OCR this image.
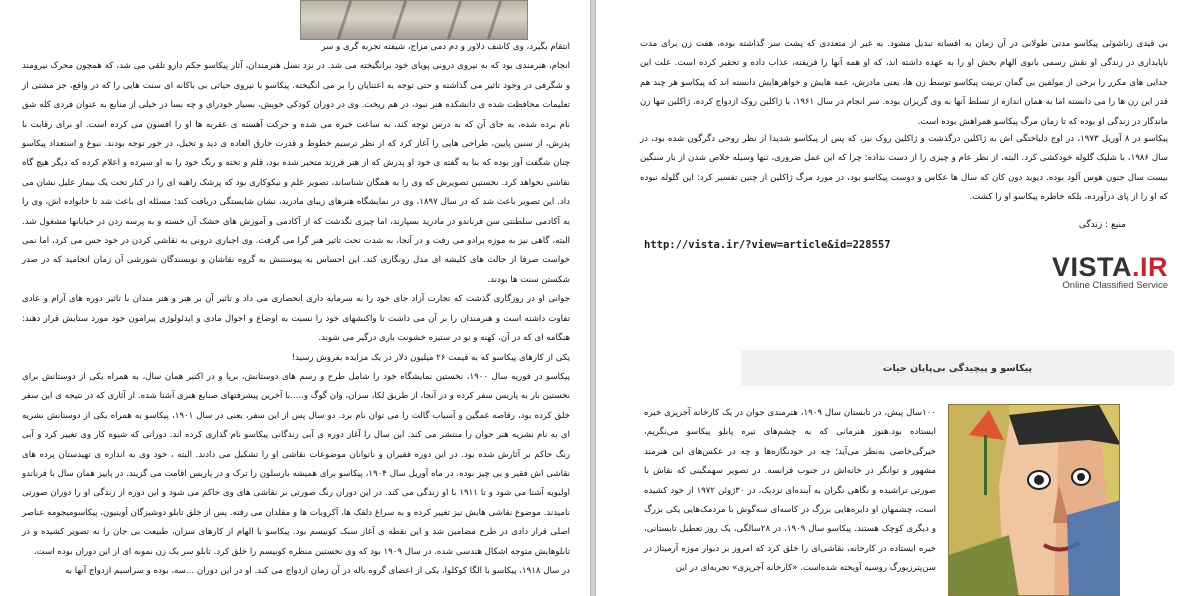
انتقام بگیرد، وی کاشف دلاور و دم دمی مزاج، شیفته تجربه گری و سر

انجام، هنرمندی بود که به نیروی درونی پویای خود برانگیخته می شد. در نزد نسل هنرمندان، آثار پیکاسو حکم دارو تلقی می شد، که همچون محرک نیرومند و شگرفی در وجود تاثیر می گذاشته و حتی توجه به اعتنایان را بر می انگیخته. پیکاسو با نیروی حیاتی بی باکانه ای سنت هایی را که در واقع، جز مشتی از تعلیمات محافظت شده ی دانشکده هنر نبود، در هم ریخت. وی در دوران کودکی خویش، بسیار خودرای و چه بسا در خیلی از منابع به عنوان فردی کله شق نام برده شده، به جای آن که به درس توجه کند، به ساعت خیره می شده و حرکت آهسته ی عقربه ها او را افسون می کرده است. او برای رقابت با پدرش، از سنین پایین، طراحی هایی را آغاز کرد که از نظر ترسیم خطوط و قدرت خارق العاده ی دید و تخیل، در خور توجه بودند. نبوغ و استعداد پیکاسو چنان شگفت آور بوده که بنا به گفته ی خود او پدرش که از هنر فرزند متحیر شده بود، قلم و تخته و رنگ خود را به او سپرده و اعلام کرده که دیگر هیچ گاه نقاشی نخواهد کرد. نخستین تصویرش که وی را به همگان شناساند، تصویر علم و نیکوکاری بود که پزشک راهبه ای را در کنار تخت یک بیمار علیل نشان می داد. این تصویر باعث شد که در سال ۱۸۹۷، وی در نمایشگاه هنرهای زیبای مادرید، نشان شایستگی دریافت کند: مسئله ای باعث شد تا خانواده اش، وی را به آکادمی سلطنتی سن فرناندو در مادرید بسپارند، اما چیزی نگذشت که از آکادمی و آموزش های خشک آن خسته و به پرسه زدن در خیابانها مشغول شد. البته، گاهی نیز به موزه پرادو می رفت و در آنجا، به شدت تحت تاثیر هنر گرا می گرفت. وی اجباری درونی به نقاشی کردن در خود حس می کرد، اما نمی خواست صرفا از حالت های کلیشه ای مدل رونگاری کند. این احساس به پیوستنش به گروه نقاشان و نویسندگان شورشی آن زمان انجامید که در صدر شکستن سنت ها بودند.

جوانی او در روزگاری گذشت که تجارت آزاد جای خود را به سرمایه داری انحصاری می داد و تاثیر آن بر هنر و هنر مندان با تاثیر دوره های آرام و عادی تفاوت داشته است و هنرمندان را بر آن می داشت تا واکنشهای خود را نسبت به اوضاع و احوال مادی و ایدئولوژی پیرامون خود مورد ستایش قرار دهند: هنگامه ای که در آن، کهنه و نو در ستیزه خشونت باری درگیر می شوند.

یکی از کارهای پیکاسو که به قیمت ۲۶ میلیون دلار در یک مزایده بفروش رسید!

پیکاسو در فوریه سال ۱۹۰۰، نخستین نمایشگاه خود را شامل طرح و رسم های دوستانش، برپا و در اکتبر همان سال، به همراه یکی از دوستانش برای نخستین بار به پاریس سفر کرده و در آنجا، از طریق لکا، سزان، وان گوگ و.....با آخرین پیشرفتهای صنایع هنری آشنا شده. از آثاری که در نتیجه ی این سفر خلق کرده بود، رقاصه غمگین و آسیاب گالت را می توان نام برد. دو سال پس از این سفر، یعنی در سال ۱۹۰۱، پیکاسو به همراه یکی از دوستانش نشریه ای به نام نشریه هنر جوان را منتشر می کند. این سال را آغاز دوره ی آبی زندگانی پیکاسو نام گذاری کرده اند. دورانی که شیوه کار وی تغییر کرد و آبی رنگ حاکم بر آثارش شده بود. در این دوره فقیران و ناتوانان موضوعات نقاشی او را تشکیل می دادند. البته ، خود وی به اندازه ی تهیدستان پرده های نقاشی اش فقیر و بی چیز بوده. در ماه آوریل سال ۱۹۰۴، پیکاسو برای همیشه بارسلون را ترک و در پاریس اقامت می گزیند. در پاییز همان سال با فرناندو اولیویه آشنا می شود و تا ۱۹۱۱ با او زندگی می کند. در این دوران رنگ صورتی بر نقاشی های وی حاکم می شود و این دوره از زندگی او را دوران صورتی نامیدند. موضوع نقاشی هایش نیز تغییر کرده و به سراغ دلقک ها، آکروبات ها و مقلدان می رفته. پس از خلق تابلو دوشیزگان آوینیون، پیکاسومیجومه عناصر اصلی قرار دادی در طرح مضامین شد و این نقطه ی آغاز سبک کوبیسم بود. پیکاسو با الهام از کارهای سزان، طبیعت بی جان را به تصویر کشیده و در تابلوهایش متوجه اشکال هندسی شده. در سال ۱۹۰۹ بود که وی نخستین منظره کوبیسم را خلق کرد. تابلو سر یک زن نمونه ای از این دوران بوده است.

در سال ۱۹۱۸، پیکاسو با الگا کوکلوا، یکی از اعضای گروه باله در آن زمان ازدواج می کند. او در این دوران ...سه، بوده و سراسیم ازدواج آنها به

بی قیدی زناشوئی پیکاسو مدتی طولانی در آن زمان به افسانه تبدیل مشود. به غیر از متعددی که پشت سر گذاشته بوده، هفت زن برای مدت ناپایداری در زندگی او نقش رسمی بانوی الهام بخش او را به عهده داشته اند، که او همه آنها را فریفته، عذاب داده و تحقیر کرده است. علت این جدایی های مکرر را برخی از مولفین بی گمان تربیت پیکاسو توسط زن ها، یعنی مادرش، عمه هایش و خواهرهایش دانسته اند که پیکاسو هر چند هم قدر این زن ها را می دانسته اما به همان اندازه از تسلط آنها به وی گریزان بوده. سر انجام در سال ۱۹۶۱، با ژاکلین روک ازدواج کرده. ژاکلین تنها زن ماندگار در زندگی او بوده که تا زمان مرگ پیکاسو همراهش بوده است.

پیکاسو در ۸ آوریل ۱۹۷۳، در اوج دلباختگی اش به ژاکلین درگذشت و ژاکلین روک نیز، که پس از پیکاسو شدیدا از نظر روحی دگرگون شده بود، در سال ۱۹۸۶، با شلیک گلوله خودکشی کرد. البته، از نظر عام و چیزی را از دست نداده: چرا که این عمل ضروری، تنها وسیله خلاص شدن از بار سنگین بیست سال جنون هوس آلود بوده. دیوید دون کان که سال ها عکاس و دوست پیکاسو بود، در مورد مرگ ژاکلین از چنین تفسیر کرد: این گلوله نبوده که او را از پای درآورده، بلکه خاطره پیکاسو او را کشت.

منبع : زندگی
http://vista.ir/?view=article&id=228557
VISTA.IR
Online Classified Service
پیکاسو و پیچیدگی بی‌پایان حیات

۱۰۰سال پیش، در تابستان سال ۱۹۰۹، هنرمندی جوان در یک کارخانه آجرپزی خیره ایستاده بود.هنوز هنرمانی که به چشم‌های تیره پابلو پیکاسو می‌نگریم، خیرگی‌خاصی به‌نظر می‌آید؛ چه در خودنگاره‌ها و چه در عکس‌های این هنرمند مشهور و توانگر در خانه‌اش در جنوب فرانسه. در تصویر سهمگینی که نقاش با صورتی تراشیده و نگاهی نگران به آینده‌ای نزدیک، در ۳۰ژوئن ۱۹۷۲ از خود کشیده است، چشمهان او دایره‌هایی بزرگ در کاسه‌ای سه‌گوش با مردمک‌هایی یکی بزرگ و دیگری کوچک هستند. پیکاسو سال ۱۹۰۹، در ۲۸سالگی، یک روز تعطیل تابستانی، خیره ایستاده در کارخانه، نقاشی‌ای را خلق کرد که امروز بر دیوار موزه آرمیتاژ در سن‌پترزبورگ روسیه آویخته شده‌است. «کارخانه آجرپزی» تجربه‌ای در این
